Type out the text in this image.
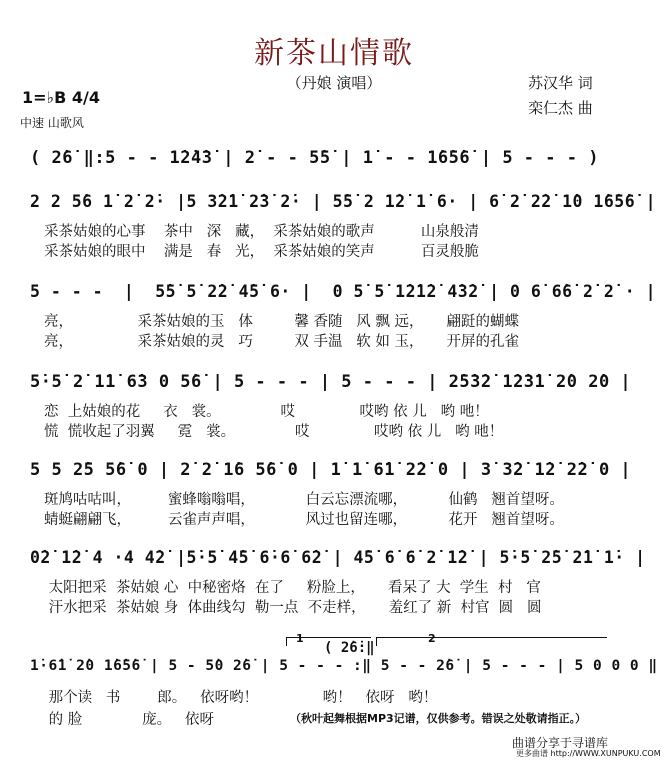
新茶山情歌
（丹娘 演唱）	苏汉华 词
栾仁杰 曲
1=♭B 4/4
中速 山歌风
( 2̇6̇ ‖:5 - - 1̇2̇4̇3̇ | 2̇ - - 5̇5̇ | 1̇ - - 1̇6̇5̇6̇ | 5 - - - )
2 2 5̇6 1̇ 2̇ 2̇· |5 3̇2̇1̇ 2̇3̇ 2̇· | 5̇5̇ 2 1̇2̇ 1̇ 6· | 6̇ 2̇ 2̇2̇ 1̇0 1̇6̇5̇6̇ |
采茶姑娘的心事    茶中   深   藏，  采茶姑娘的歌声          山泉般清
采茶姑娘的眼中    满是   春   光，  采茶姑娘的笑声          百灵般脆
5 - - -  |  5̇5̇ 5̇ 2̇2̇ 4̇5̇ 6· |  0 5̇ 5̇ 1̇2̇1̇2̇ 4̇3̇2̇ | 0 6̇ 6̇6̇ 2̇ 2̇ · |
亮，              采茶姑娘的玉   体         馨 香随   风 飘 远，     翩跹的蝴蝶
亮，              采茶姑娘的灵   巧         双 手温   软 如 玉，     开屏的孔雀
5̇·5̇ 2̇ 1̇1̇ 6̇3 0 5̇6̇ | 5 - - - | 5 - - - | 2̇5̇3̇2̇ 1̇2̇3̇1̇ 2̇0 2̇0 |
恋  上姑娘的花     衣   裳。             哎              哎哟 依 儿   哟 吔！
慌  慌收起了羽翼     霓   裳。             哎              哎哟 依 儿   哟 吔！
5 5 2̇5 5̇6̇ 0 | 2̇ 2̇ 1̇6 5̇6̇ 0 | 1̇ 1̇ 6̇1̇ 2̇2̇ 0 | 3̇ 3̇2̇ 1̇2̇ 2̇2̇ 0 |
斑鸠咕咕叫，        蜜蜂嗡嗡唱，           白云忘漂流哪，         仙鹤   翘首望呀。
蜻蜓翩翩飞，        云雀声声唱，           风过也留连哪，         花开   翘首望呀。
0̇2̇ 1̇2̇ 4 ·4 4̇2̇ |5̇·5̇ 4̇5̇ 6̇·6̇ 6̇2̇ | 4̇5̇ 6̇ 6̇ 2̇ 1̇2̇ | 5̇·5̇ 2̇5̇ 2̇1̇ 1̇· |
太阳把采  茶姑娘 心  中秘密烙  在了     粉脸上，     看呆了 大  学生  村   官
汗水把采  茶姑娘 身  体曲线勾  勒一点  不走样，     羞红了 新  村官  圆   圆
1
( 2̇6̇:‖
2
1̇·6̇1̇ 2̇0 1̇6̇5̇6̇ | 5 - 5̇0 2̇6̇ | 5 - - - :‖ 5 - - 2̇6̇ | 5 - - - | 5 0 0 0 ‖
那个读   书        郎。   依呀哟！              哟！   依呀   哟！
的 脸             庞。   依呀	（秋叶起舞根据MP3记谱，仅供参考。错误之处敬请指正。）
曲谱分享于寻谱库
更多曲谱 http://WWW.XUNPUKU.COM
